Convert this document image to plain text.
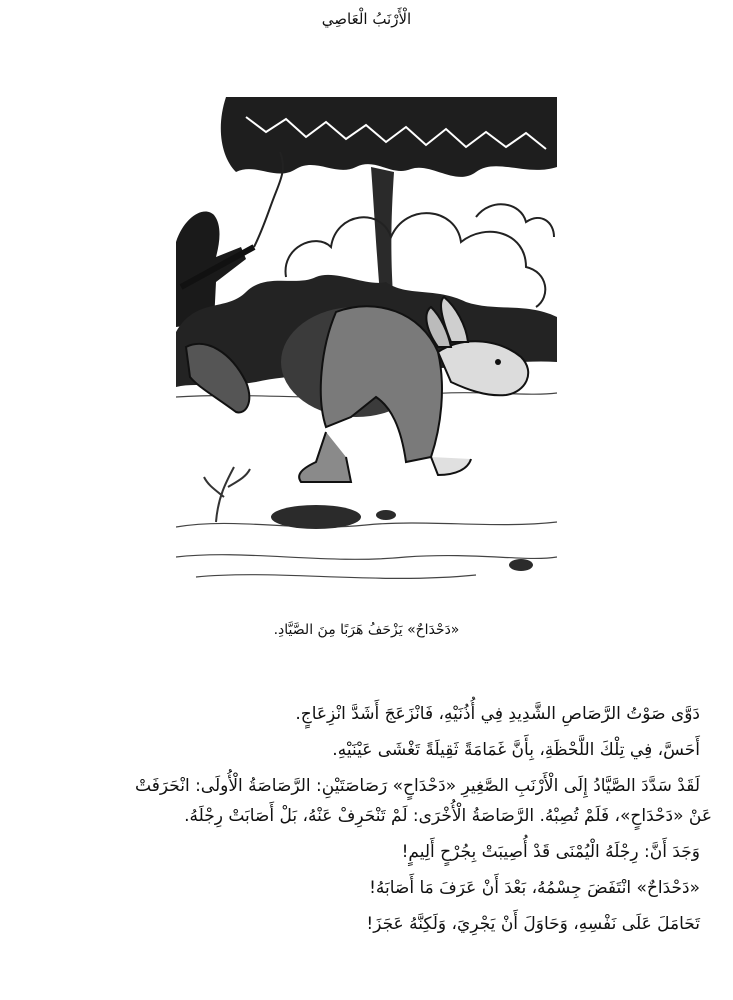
الْأَرْنَبُ الْعَاصِي
«دَحْدَاحٌ» يَزْحَفُ هَرَبًا مِنَ الصَّيَّادِ.

دَوَّى صَوْتُ الرَّصَاصِ الشَّدِيدِ فِي أُذُنَيْهِ، فَانْزَعَجَ أَشَدَّ انْزِعَاجٍ.

أَحَسَّ، فِي تِلْكَ اللَّحْظَةِ، بِأَنَّ غَمَامَةً ثَقِيلَةً تَغْشَى عَيْنَيْهِ.

لَقَدْ سَدَّدَ الصَّيَّادُ إِلَى الْأَرْنَبِ الصَّغِيرِ «دَحْدَاحٍ» رَصَاصَتَيْنِ: الرَّصَاصَةُ الْأُولَى: انْحَرَفَتْ

عَنْ «دَحْدَاحٍ»، فَلَمْ تُصِبْهُ. الرَّصَاصَةُ الْأُخْرَى: لَمْ تَنْحَرِفْ عَنْهُ، بَلْ أَصَابَتْ رِجْلَهُ.

وَجَدَ أَنَّ: رِجْلَهُ الْيُمْنَى قَدْ أُصِيبَتْ بِجُرْحٍ أَلِيمٍ!

«دَحْدَاحٌ» انْتَفَضَ جِسْمُهُ، بَعْدَ أَنْ عَرَفَ مَا أَصَابَهُ!

تَحَامَلَ عَلَى نَفْسِهِ، وَحَاوَلَ أَنْ يَجْرِيَ، وَلَكِنَّهُ عَجَزَ!
